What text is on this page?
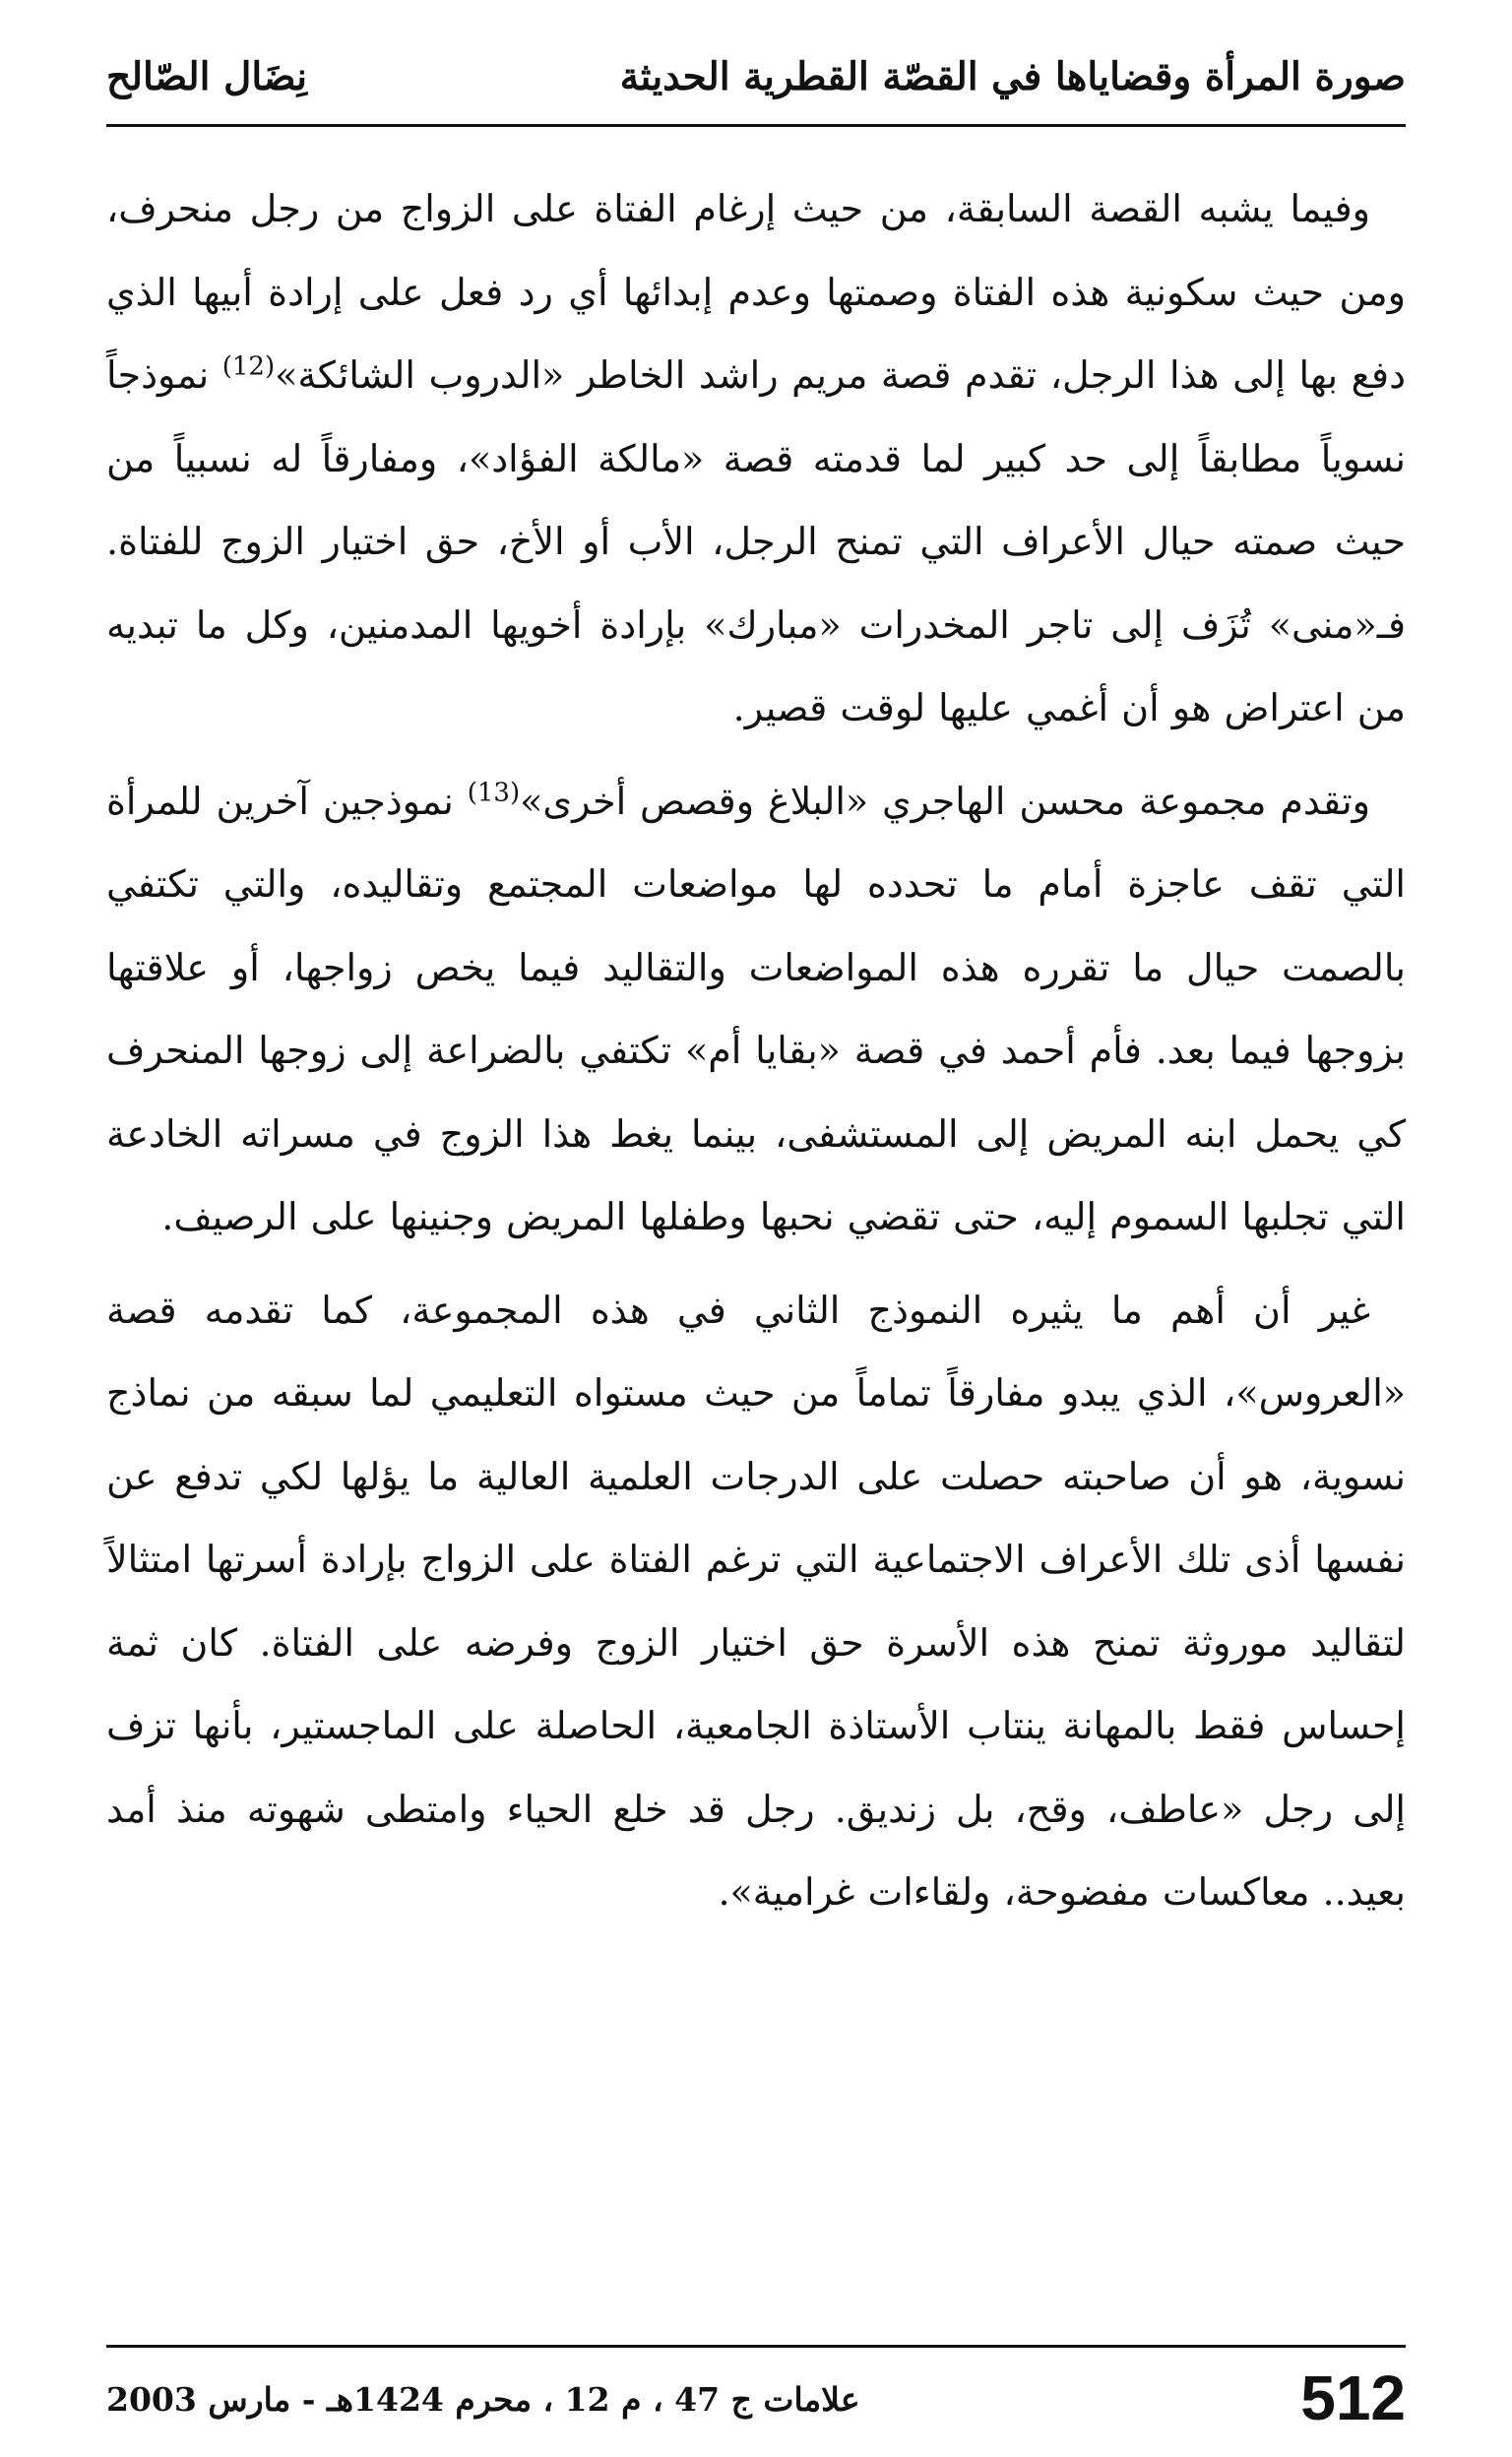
صورة المرأة وقضاياها في القصّة القطرية الحديثة
نِضَال الصّالح

وفيما يشبه القصة السابقة، من حيث إرغام الفتاة على الزواج من رجل منحرف، ومن حيث سكونية هذه الفتاة وصمتها وعدم إبدائها أي رد فعل على إرادة أبيها الذي دفع بها إلى هذا الرجل، تقدم قصة مريم راشد الخاطر «الدروب الشائكة»$^{(12)}$ نموذجاً نسوياً مطابقاً إلى حد كبير لما قدمته قصة «مالكة الفؤاد»، ومفارقاً له نسبياً من حيث صمته حيال الأعراف التي تمنح الرجل، الأب أو الأخ، حق اختيار الزوج للفتاة. فـ«منى» تُزَف إلى تاجر المخدرات «مبارك» بإرادة أخويها المدمنين، وكل ما تبديه من اعتراض هو أن أغمي عليها لوقت قصير.

وتقدم مجموعة محسن الهاجري «البلاغ وقصص أخرى»$^{(13)}$ نموذجين آخرين للمرأة التي تقف عاجزة أمام ما تحدده لها مواضعات المجتمع وتقاليده، والتي تكتفي بالصمت حيال ما تقرره هذه المواضعات والتقاليد فيما يخص زواجها، أو علاقتها بزوجها فيما بعد. فأم أحمد في قصة «بقايا أم» تكتفي بالضراعة إلى زوجها المنحرف كي يحمل ابنه المريض إلى المستشفى، بينما يغط هذا الزوج في مسراته الخادعة التي تجلبها السموم إليه، حتى تقضي نحبها وطفلها المريض وجنينها على الرصيف.

غير أن أهم ما يثيره النموذج الثاني في هذه المجموعة، كما تقدمه قصة «العروس»، الذي يبدو مفارقاً تماماً من حيث مستواه التعليمي لما سبقه من نماذج نسوية، هو أن صاحبته حصلت على الدرجات العلمية العالية ما يؤلها لكي تدفع عن نفسها أذى تلك الأعراف الاجتماعية التي ترغم الفتاة على الزواج بإرادة أسرتها امتثالاً لتقاليد موروثة تمنح هذه الأسرة حق اختيار الزوج وفرضه على الفتاة. كان ثمة إحساس فقط بالمهانة ينتاب الأستاذة الجامعية، الحاصلة على الماجستير، بأنها تزف إلى رجل «عاطف، وقح، بل زنديق. رجل قد خلع الحياء وامتطى شهوته منذ أمد بعيد.. معاكسات مفضوحة، ولقاءات غرامية».

512
علامات ج 47 ، م 12 ، محرم 1424هـ - مارس 2003
